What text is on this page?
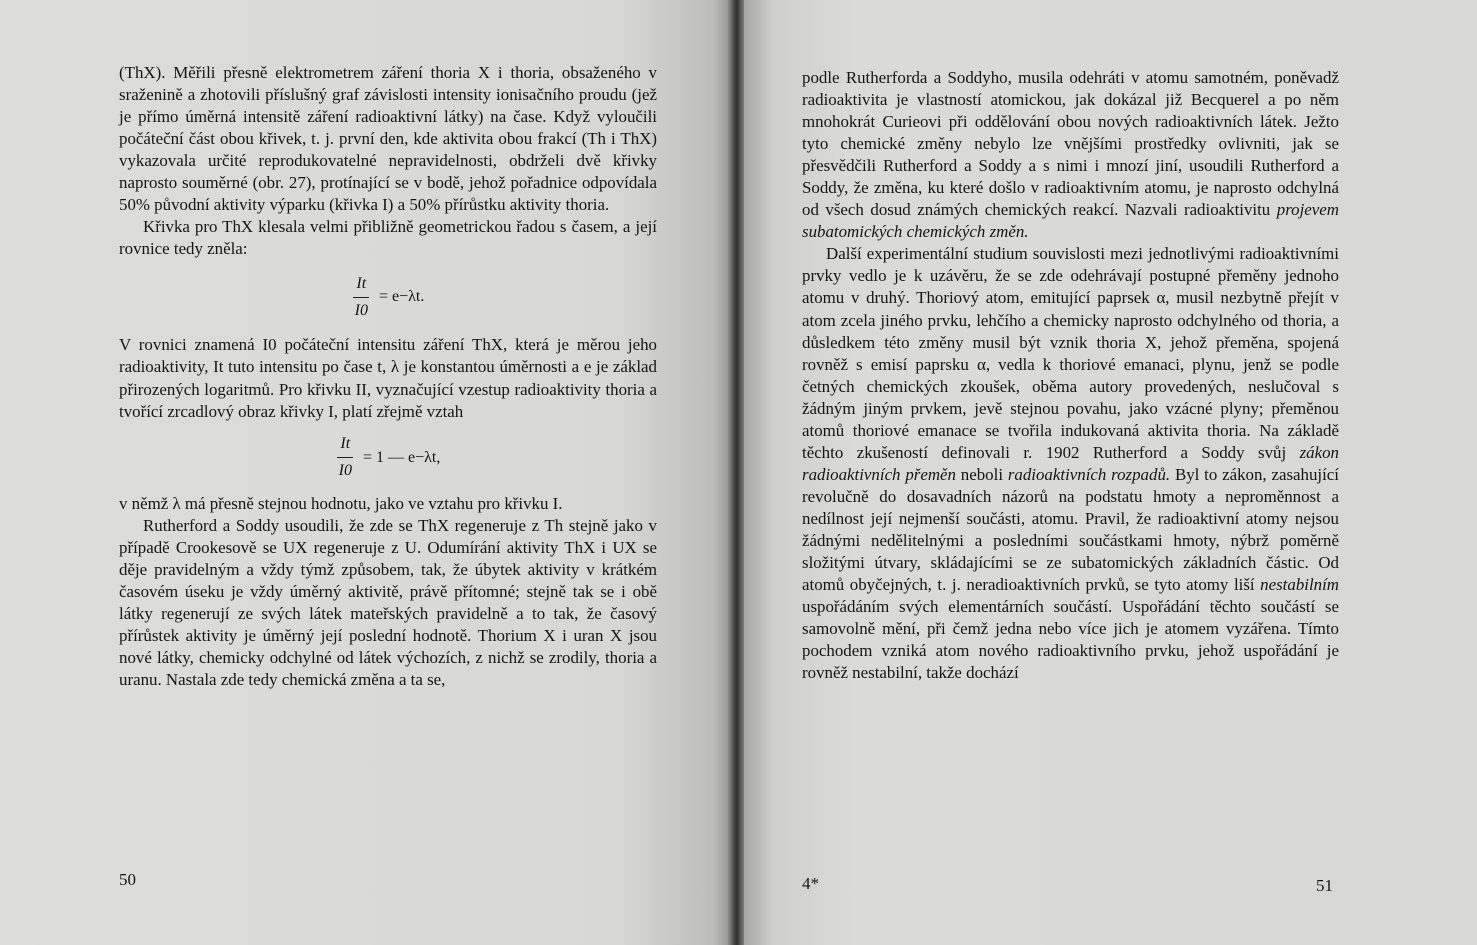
(ThX). Měřili přesně elektrometrem záření thoria X i thoria, obsaženého v sraženině a zhotovili příslušný graf závislosti intensity ionisačního proudu (jež je přímo úměrná intensitě záření radioaktivní látky) na čase. Když vyloučili počáteční část obou křivek, t. j. první den, kde aktivita obou frakcí (Th i ThX) vykazovala určité reprodukovatelné nepravidelnosti, obdrželi dvě křivky naprosto souměrné (obr. 27), protínající se v bodě, jehož pořadnice odpovídala 50% původní aktivity výparku (křivka I) a 50% přírůstku aktivity thoria.

Křivka pro ThX klesala velmi přibližně geometrickou řadou s časem, a její rovnice tedy zněla:

$\frac{It}{I0} = e-\lambda t$.

V rovnici znamená I0 počáteční intensitu záření ThX, která je měrou jeho radioaktivity, It tuto intensitu po čase t, λ je konstantou úměrnosti a e je základ přirozených logaritmů. Pro křivku II, vyznačující vzestup radioaktivity thoria a tvořící zrcadlový obraz křivky I, platí zřejmě vztah

$\frac{It}{I0} = 1$ — e−λt,

v němž λ má přesně stejnou hodnotu, jako ve vztahu pro křivku I.

Rutherford a Soddy usoudili, že zde se ThX regeneruje z Th stejně jako v případě Crookesově se UX regeneruje z U. Odumírání aktivity ThX i UX se děje pravidelným a vždy týmž způsobem, tak, že úbytek aktivity v krátkém časovém úseku je vždy úměrný aktivitě, právě přítomné; stejně tak se i obě látky regenerují ze svých látek mateřských pravidelně a to tak, že časový přírůstek aktivity je úměrný její poslední hodnotě. Thorium X i uran X jsou nové látky, chemicky odchylné od látek výchozích, z nichž se zrodily, thoria a uranu. Nastala zde tedy chemická změna a ta se,

50

podle Rutherforda a Soddyho, musila odehráti v atomu samotném, poněvadž radioaktivita je vlastností atomickou, jak dokázal již Becquerel a po něm mnohokrát Curieovi při oddělování obou nových radioaktivních látek. Ježto tyto chemické změny nebylo lze vnějšími prostředky ovlivniti, jak se přesvědčili Rutherford a Soddy a s nimi i mnozí jiní, usoudili Rutherford a Soddy, že změna, ku které došlo v radioaktivním atomu, je naprosto odchylná od všech dosud známých chemických reakcí. Nazvali radioaktivitu projevem subatomických chemických změn.

Další experimentální studium souvislosti mezi jednotlivými radioaktivními prvky vedlo je k uzávěru, že se zde odehrávají postupné přeměny jednoho atomu v druhý. Thoriový atom, emitující paprsek α, musil nezbytně přejít v atom zcela jiného prvku, lehčího a chemicky naprosto odchylného od thoria, a důsledkem této změny musil být vznik thoria X, jehož přeměna, spojená rovněž s emisí paprsku α, vedla k thoriové emanaci, plynu, jenž se podle četných chemických zkoušek, oběma autory provedených, neslučoval s žádným jiným prvkem, jevě stejnou povahu, jako vzácné plyny; přeměnou atomů thoriové emanace se tvořila indukovaná aktivita thoria. Na základě těchto zkušeností definovali r. 1902 Rutherford a Soddy svůj zákon radioaktivních přeměn neboli radioaktivních rozpadů. Byl to zákon, zasahující revolučně do dosavadních názorů na podstatu hmoty a neproměnnost a nedílnost její nejmenší součásti, atomu. Pravil, že radioaktivní atomy nejsou žádnými nedělitelnými a posledními součástkami hmoty, nýbrž poměrně složitými útvary, skládajícími se ze subatomických základních částic. Od atomů obyčejných, t. j. neradioaktivních prvků, se tyto atomy liší nestabilním uspořádáním svých elementárních součástí. Uspořádání těchto součástí se samovolně mění, při čemž jedna nebo více jich je atomem vyzářena. Tímto pochodem vzniká atom nového radioaktivního prvku, jehož uspořádání je rovněž nestabilní, takže dochází

4*	51
